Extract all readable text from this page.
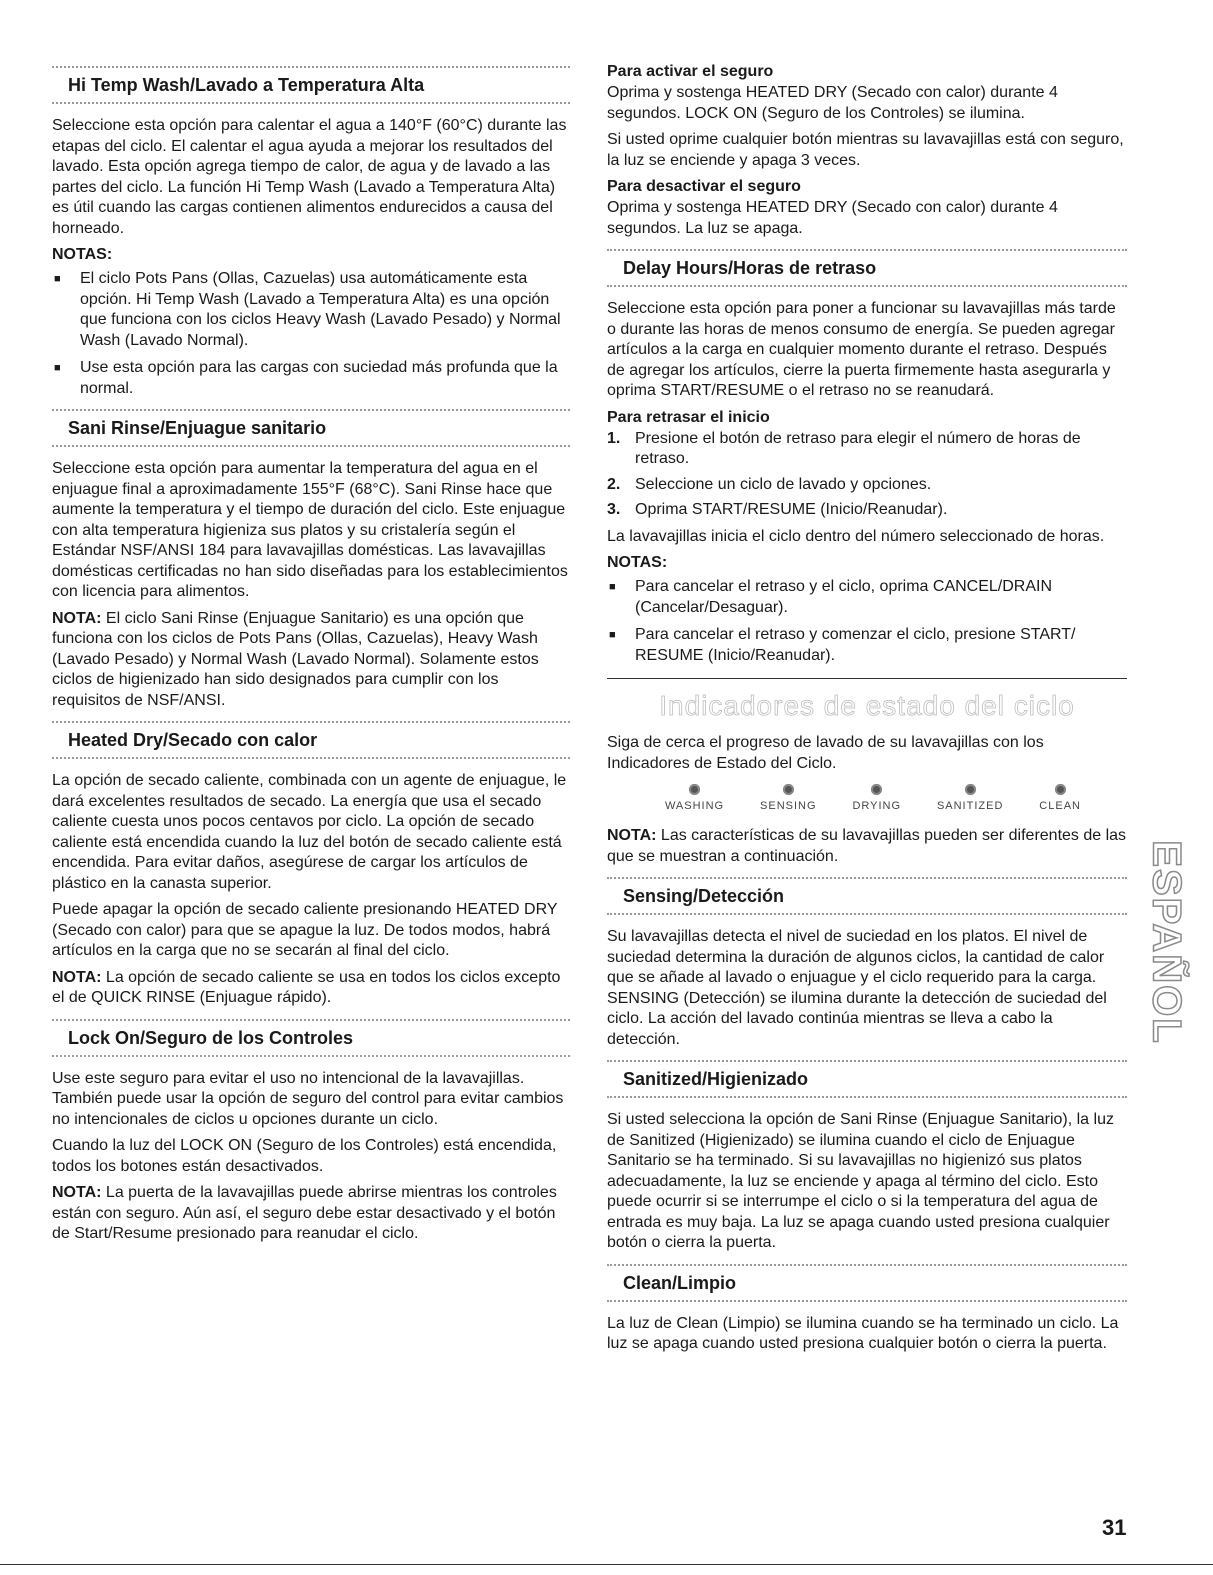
Hi Temp Wash/Lavado a Temperatura Alta

Seleccione esta opción para calentar el agua a 140°F (60°C) durante las etapas del ciclo. El calentar el agua ayuda a mejorar los resultados del lavado. Esta opción agrega tiempo de calor, de agua y de lavado a las partes del ciclo. La función Hi Temp Wash (Lavado a Temperatura Alta) es útil cuando las cargas contienen alimentos endurecidos a causa del horneado.

NOTAS:
■ El ciclo Pots Pans (Ollas, Cazuelas) usa automáticamente esta opción. Hi Temp Wash (Lavado a Temperatura Alta) es una opción que funciona con los ciclos Heavy Wash (Lavado Pesado) y Normal Wash (Lavado Normal).
■ Use esta opción para las cargas con suciedad más profunda que la normal.
Sani Rinse/Enjuague sanitario

Seleccione esta opción para aumentar la temperatura del agua en el enjuague final a aproximadamente 155°F (68°C). Sani Rinse hace que aumente la temperatura y el tiempo de duración del ciclo. Este enjuague con alta temperatura higieniza sus platos y su cristalería según el Estándar NSF/ANSI 184 para lavavajillas domésticas. Las lavavajillas domésticas certificadas no han sido diseñadas para los establecimientos con licencia para alimentos.

NOTA: El ciclo Sani Rinse (Enjuague Sanitario) es una opción que funciona con los ciclos de Pots Pans (Ollas, Cazuelas), Heavy Wash (Lavado Pesado) y Normal Wash (Lavado Normal). Solamente estos ciclos de higienizado han sido designados para cumplir con los requisitos de NSF/ANSI.

Heated Dry/Secado con calor

La opción de secado caliente, combinada con un agente de enjuague, le dará excelentes resultados de secado. La energía que usa el secado caliente cuesta unos pocos centavos por ciclo. La opción de secado caliente está encendida cuando la luz del botón de secado caliente está encendida. Para evitar daños, asegúrese de cargar los artículos de plástico en la canasta superior.

Puede apagar la opción de secado caliente presionando HEATED DRY (Secado con calor) para que se apague la luz. De todos modos, habrá artículos en la carga que no se secarán al final del ciclo.

NOTA: La opción de secado caliente se usa en todos los ciclos excepto el de QUICK RINSE (Enjuague rápido).

Lock On/Seguro de los Controles

Use este seguro para evitar el uso no intencional de la lavavajillas. También puede usar la opción de seguro del control para evitar cambios no intencionales de ciclos u opciones durante un ciclo.

Cuando la luz del LOCK ON (Seguro de los Controles) está encendida, todos los botones están desactivados.

NOTA: La puerta de la lavavajillas puede abrirse mientras los controles están con seguro. Aún así, el seguro debe estar desactivado y el botón de Start/Resume presionado para reanudar el ciclo.

Para activar el seguro

Oprima y sostenga HEATED DRY (Secado con calor) durante 4 segundos. LOCK ON (Seguro de los Controles) se ilumina.

Si usted oprime cualquier botón mientras su lavavajillas está con seguro, la luz se enciende y apaga 3 veces.

Para desactivar el seguro

Oprima y sostenga HEATED DRY (Secado con calor) durante 4 segundos. La luz se apaga.

Delay Hours/Horas de retraso

Seleccione esta opción para poner a funcionar su lavavajillas más tarde o durante las horas de menos consumo de energía. Se pueden agregar artículos a la carga en cualquier momento durante el retraso. Después de agregar los artículos, cierre la puerta firmemente hasta asegurarla y oprima START/RESUME o el retraso no se reanudará.

Para retrasar el inicio
1. Presione el botón de retraso para elegir el número de horas de retraso.
2. Seleccione un ciclo de lavado y opciones.
3. Oprima START/RESUME (Inicio/Reanudar).

La lavavajillas inicia el ciclo dentro del número seleccionado de horas.

NOTAS:
■ Para cancelar el retraso y el ciclo, oprima CANCEL/DRAIN (Cancelar/Desaguar).
■ Para cancelar el retraso y comenzar el ciclo, presione START/ RESUME (Inicio/Reanudar).
Indicadores de estado del ciclo

Siga de cerca el progreso de lavado de su lavavajillas con los Indicadores de Estado del Ciclo.

WASHING	SENSING	DRYING	SANITIZED	CLEAN

NOTA: Las características de su lavavajillas pueden ser diferentes de las que se muestran a continuación.

Sensing/Detección

Su lavavajillas detecta el nivel de suciedad en los platos. El nivel de suciedad determina la duración de algunos ciclos, la cantidad de calor que se añade al lavado o enjuague y el ciclo requerido para la carga. SENSING (Detección) se ilumina durante la detección de suciedad del ciclo. La acción del lavado continúa mientras se lleva a cabo la detección.

Sanitized/Higienizado

Si usted selecciona la opción de Sani Rinse (Enjuague Sanitario), la luz de Sanitized (Higienizado) se ilumina cuando el ciclo de Enjuague Sanitario se ha terminado. Si su lavavajillas no higienizó sus platos adecuadamente, la luz se enciende y apaga al término del ciclo. Esto puede ocurrir si se interrumpe el ciclo o si la temperatura del agua de entrada es muy baja. La luz se apaga cuando usted presiona cualquier botón o cierra la puerta.

Clean/Limpio

La luz de Clean (Limpio) se ilumina cuando se ha terminado un ciclo. La luz se apaga cuando usted presiona cualquier botón o cierra la puerta.

ESPAÑOL
31
